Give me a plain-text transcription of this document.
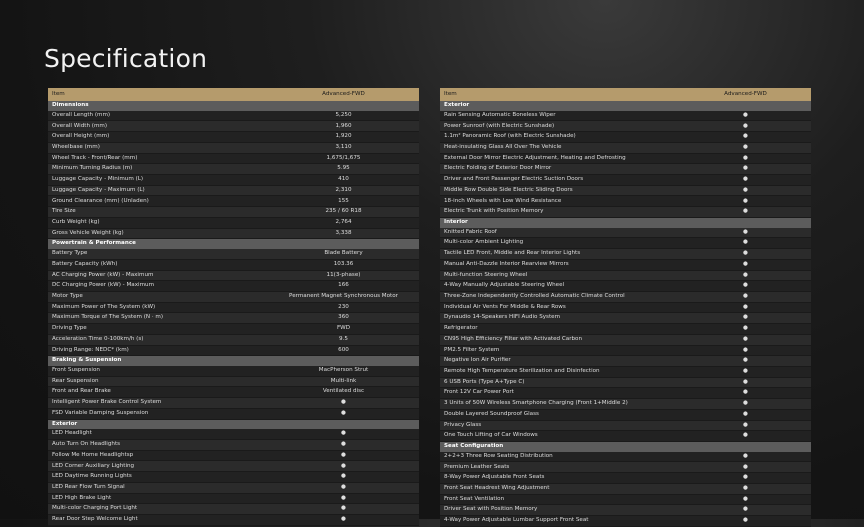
Specification
Item	Advanced-FWD
Dimensions	
Overall Length (mm)	5,250
Overall Width (mm)	1,960
Overall Height (mm)	1,920
Wheelbase (mm)	3,110
Wheel Track - Front/Rear (mm)	1,675/1,675
Minimum Turning Radius (m)	5.95
Luggage Capacity - Minimum (L)	410
Luggage Capacity - Maximum (L)	2,310
Ground Clearance (mm) (Unladen)	155
Tire Size	235 / 60 R18
Curb Weight (kg)	2,764
Gross Vehicle Weight (kg)	3,338
Powertrain & Performance	
Battery Type	Blade Battery
Battery Capacity (kWh)	103.36
AC Charging Power (kW) - Maximum	11(3-phase)
DC Charging Power (kW) - Maximum	166
Motor Type	Permanent Magnet Synchronous Motor
Maximum Power of The System (kW)	230
Maximum Torque of The System (N · m)	360
Driving Type	FWD
Acceleration Time 0-100km/h (s)	9.5
Driving Range: NEDC* (km)	600
Braking & Suspension	
Front Suspension	MacPherson Strut
Rear Suspension	Multi-link
Front and Rear Brake	Ventilated disc
Intelligent Power Brake Control System	●
FSD Variable Damping Suspension	●
Exterior	
LED Headlight	●
Auto Turn On Headlights	●
Follow Me Home Headlightsp	●
LED Corner Auxiliary Lighting	●
LED Daytime Running Lights	●
LED Rear Flow Turn Signal	●
LED High Brake Light	●
Multi-color Charging Port Light	●
Rear Door Step Welcome Light	●
Item	Advanced-FWD
Exterior	
Rain Sensing Automatic Boneless Wiper	●
Power Sunroof (with Electric Sunshade)	●
1.1m² Panoramic Roof (with Electric Sunshade)	●
Heat-insulating Glass All Over The Vehicle	●
External Door Mirror Electric Adjustment, Heating and Defrosting	●
Electric Folding of Exterior Door Mirror	●
Driver and Front Passenger Electric Suction Doors	●
Middle Row Double Side Electric Sliding Doors	●
18-inch Wheels with Low Wind Resistance	●
Electric Trunk with Position Memory	●
Interior	
Knitted Fabric Roof	●
Multi-color Ambient Lighting	●
Tactile LED Front, Middle and Rear Interior Lights	●
Manual Anti-Dazzle Interior Rearview Mirrors	●
Multi-function Steering Wheel	●
4-Way Manually Adjustable Steering Wheel	●
Three-Zone Independently Controlled Automatic Climate Control	●
Individual Air Vents For Middle & Rear Rows	●
Dynaudio 14-Speakers HIFI Audio System	●
Refrigerator	●
CN95 High Efficiency Filter with Activated Carbon	●
PM2.5 Filter System	●
Negative Ion Air Purifier	●
Remote High Temperature Sterilization and Disinfection	●
6 USB Ports (Type A+Type C)	●
Front 12V Car Power Port	●
3 Units of 50W Wireless Smartphone Charging (Front 1+Middle 2)	●
Double Layered Soundproof Glass	●
Privacy Glass	●
One Touch Lifting of Car Windows	●
Seat Configuration	
2+2+3 Three Row Seating Distribution	●
Premium Leather Seats	●
8-Way Power Adjustable Front Seats	●
Front Seat Headrest Wing Adjustment	●
Front Seat Ventilation	●
Driver Seat with Position Memory	●
4-Way Power Adjustable Lumbar Support Front Seat	●
